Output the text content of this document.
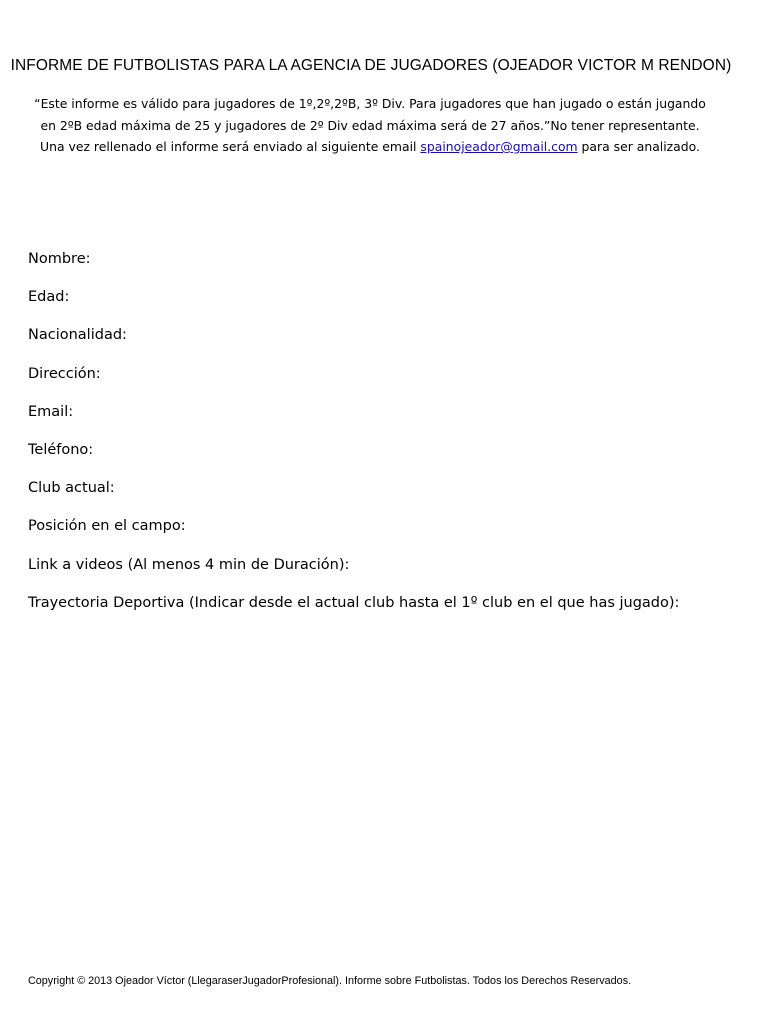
INFORME DE FUTBOLISTAS PARA LA AGENCIA DE JUGADORES (OJEADOR VICTOR M RENDON)
“Este informe es válido para jugadores de 1º,2º,2ºB, 3º Div. Para jugadores que han jugado o están jugando
en 2ºB edad máxima de 25 y jugadores de 2º Div edad máxima será de 27 años.”No tener representante.
Una vez rellenado el informe será enviado al siguiente email spainojeador@gmail.com para ser analizado.
Nombre:
Edad:
Nacionalidad:
Dirección:
Email:
Teléfono:
Club actual:
Posición en el campo:
Link a videos (Al menos 4 min de Duración):
Trayectoria Deportiva (Indicar desde el actual club hasta el 1º club en el que has jugado):
Copyright © 2013 Ojeador Víctor (LlegaraserJugadorProfesional). Informe sobre Futbolistas. Todos los Derechos Reservados.
